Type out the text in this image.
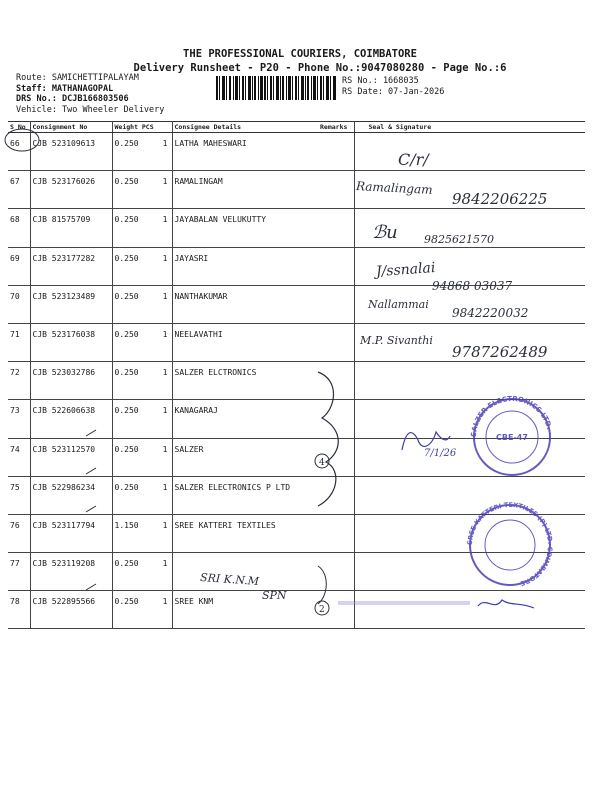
THE PROFESSIONAL COURIERS, COIMBATORE
Delivery Runsheet - P20 - Phone No.:9047080280 - Page No.:6
Route: SAMICHETTIPALAYAM
Staff: MATHANAGOPAL
DRS No.: DCJB166803506
Vehicle: Two Wheeler Delivery
RS No.: 1668035
RS Date: 07-Jan-2026
S No	Consignment No	Weight PCS	Consignee Details	Remarks	Seal & Signature
66	CJB 523109613	0.250 1	LATHA MAHESWARI		
67	CJB 523176026	0.250 1	RAMALINGAM		
68	CJB 81575709	0.250 1	JAYABALAN VELUKUTTY		
69	CJB 523177282	0.250 1	JAYASRI		
70	CJB 523123489	0.250 1	NANTHAKUMAR		
71	CJB 523176038	0.250 1	NEELAVATHI		
72	CJB 523032786	0.250 1	SALZER ELCTRONICS		
73	CJB 522606638	0.250 1	KANAGARAJ		
74	CJB 523112570	0.250 1	SALZER		
75	CJB 522986234	0.250 1	SALZER ELECTRONICS P LTD		
76	CJB 523117794	1.150 1	SREE KATTERI TEXTILES		
77	CJB 523119208	0.250 1			

78	CJB 522895566	0.250 1	SREE KNM		
C/r/
Ramalingam
9842206225
ℬu 9825621570
J/ssnalai
94868 03037
Nallammai
9842220032
M.P. Sivanthi
9787262489
7/1/26
SRI K.N.M
SPN
4
2
SALZER ELECTRONICS LTD.
CBE-47
SREE KATTERI TEXTILES (P) LTD. COIMBATORE
